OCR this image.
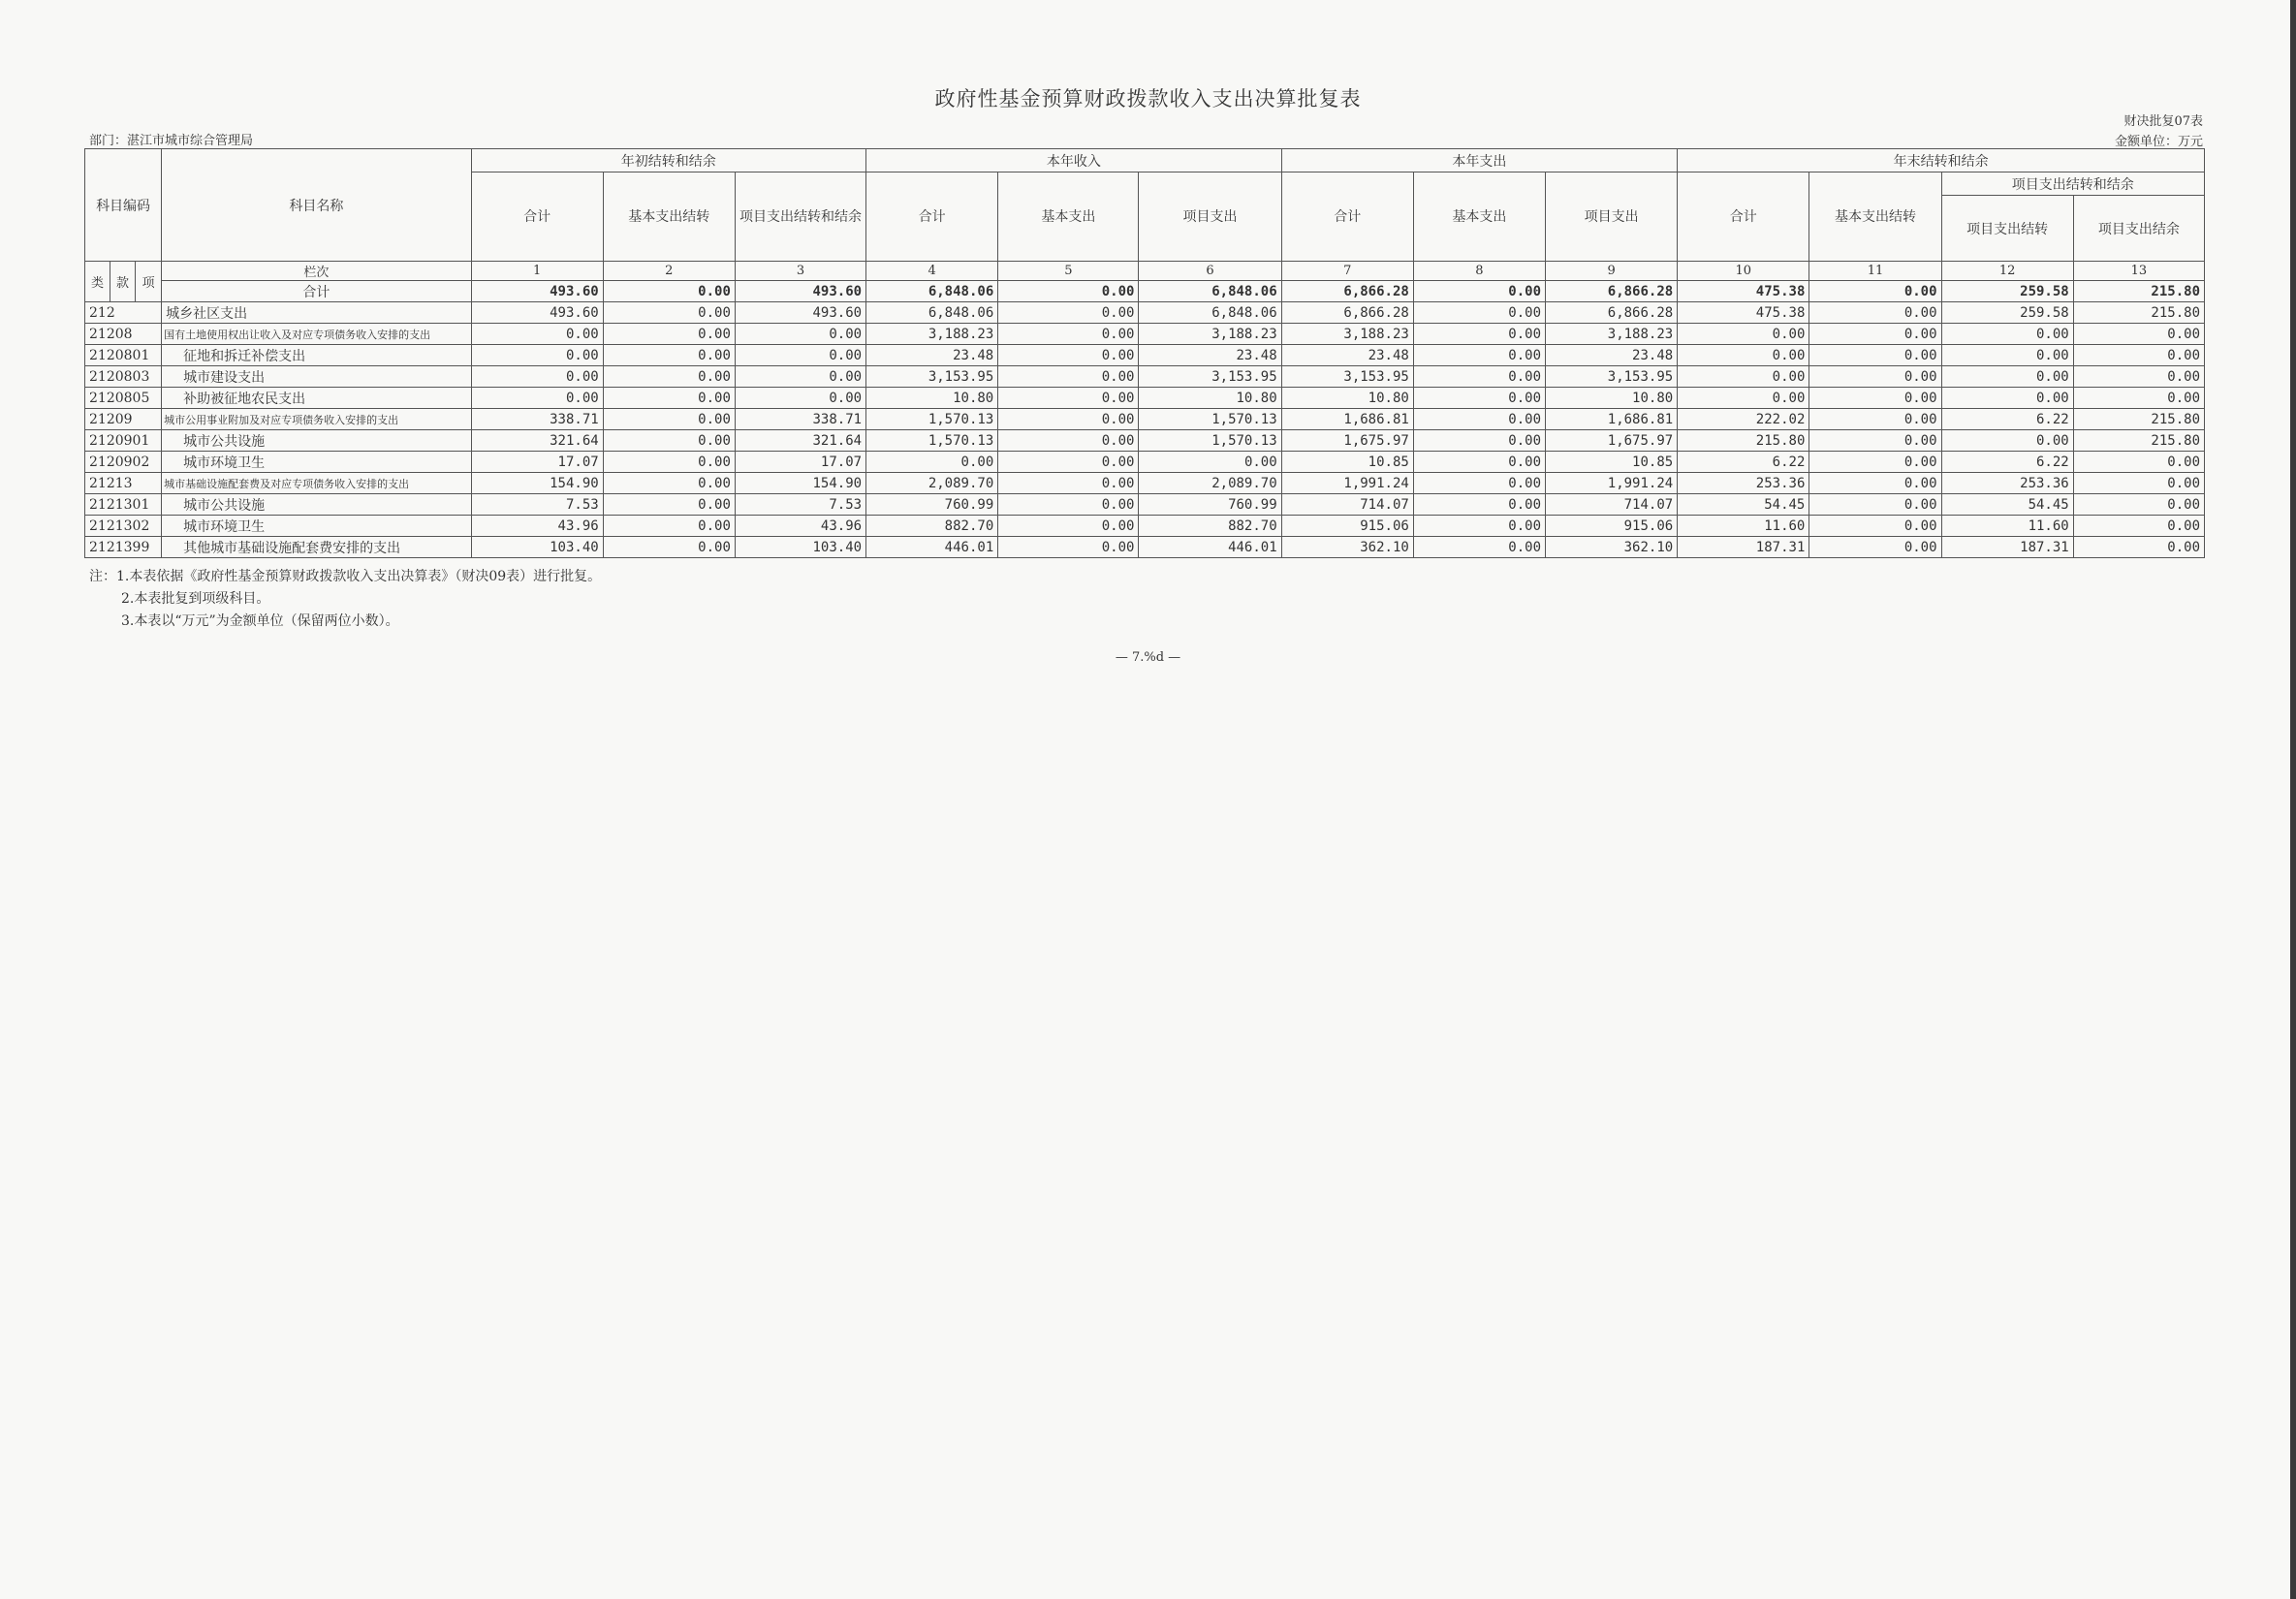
政府性基金预算财政拨款收入支出决算批复表
财决批复07表
金额单位：万元
部门：湛江市城市综合管理局
科目编码			科目名称	年初结转和结余			本年收入			本年支出			年末结转和结余			
				合计	基本支出结转	项目支出结转和结余	合计	基本支出	项目支出	合计	基本支出	项目支出	合计	基本支出结转	项目支出结转和结余	
															项目支出结转	项目支出结余
类	款	项	栏次	1	2	3	4	5	6	7	8	9	10	11	12	13
			合计	493.60	0.00	493.60	6,848.06	0.00	6,848.06	6,866.28	0.00	6,866.28	475.38	0.00	259.58	215.80
212			城乡社区支出	493.60	0.00	493.60	6,848.06	0.00	6,848.06	6,866.28	0.00	6,866.28	475.38	0.00	259.58	215.80
21208			国有土地使用权出让收入及对应专项债务收入安排的支出	0.00	0.00	0.00	3,188.23	0.00	3,188.23	3,188.23	0.00	3,188.23	0.00	0.00	0.00	0.00
2120801			征地和拆迁补偿支出	0.00	0.00	0.00	23.48	0.00	23.48	23.48	0.00	23.48	0.00	0.00	0.00	0.00
2120803			城市建设支出	0.00	0.00	0.00	3,153.95	0.00	3,153.95	3,153.95	0.00	3,153.95	0.00	0.00	0.00	0.00
2120805			补助被征地农民支出	0.00	0.00	0.00	10.80	0.00	10.80	10.80	0.00	10.80	0.00	0.00	0.00	0.00
21209			城市公用事业附加及对应专项债务收入安排的支出	338.71	0.00	338.71	1,570.13	0.00	1,570.13	1,686.81	0.00	1,686.81	222.02	0.00	6.22	215.80
2120901			城市公共设施	321.64	0.00	321.64	1,570.13	0.00	1,570.13	1,675.97	0.00	1,675.97	215.80	0.00	0.00	215.80
2120902			城市环境卫生	17.07	0.00	17.07	0.00	0.00	0.00	10.85	0.00	10.85	6.22	0.00	6.22	0.00
21213			城市基础设施配套费及对应专项债务收入安排的支出	154.90	0.00	154.90	2,089.70	0.00	2,089.70	1,991.24	0.00	1,991.24	253.36	0.00	253.36	0.00
2121301			城市公共设施	7.53	0.00	7.53	760.99	0.00	760.99	714.07	0.00	714.07	54.45	0.00	54.45	0.00
2121302			城市环境卫生	43.96	0.00	43.96	882.70	0.00	882.70	915.06	0.00	915.06	11.60	0.00	11.60	0.00
2121399			其他城市基础设施配套费安排的支出	103.40	0.00	103.40	446.01	0.00	446.01	362.10	0.00	362.10	187.31	0.00	187.31	0.00
注：1.本表依据《政府性基金预算财政拨款收入支出决算表》（财决09表）进行批复。
2.本表批复到项级科目。
3.本表以“万元”为金额单位（保留两位小数）。
— 7.%d —
